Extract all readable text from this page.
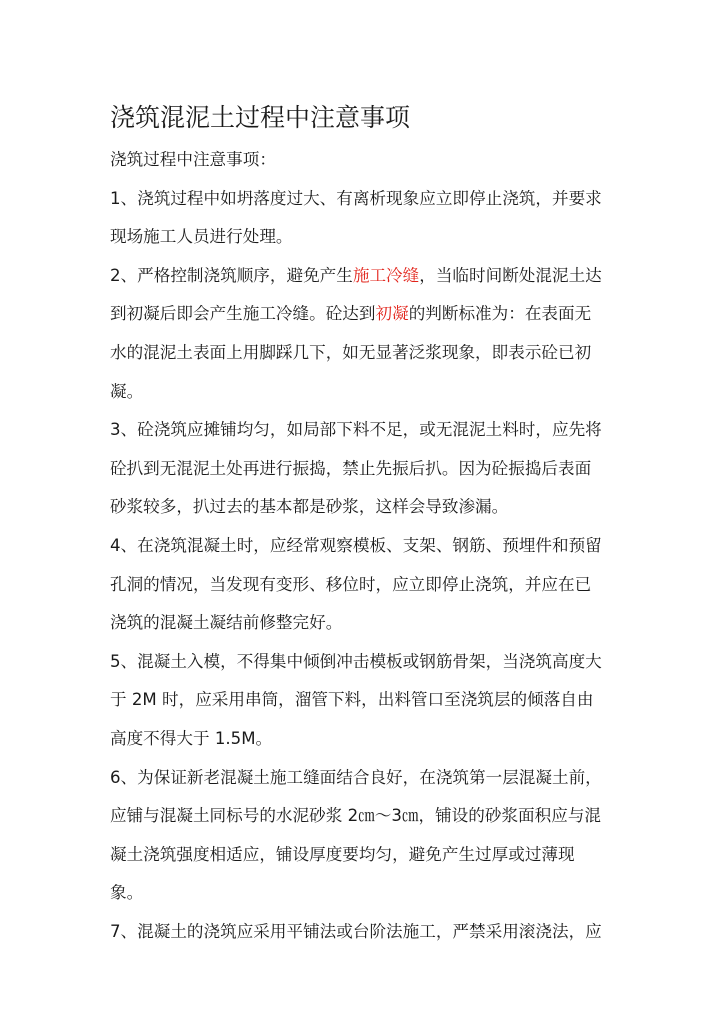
浇筑混泥土过程中注意事项

浇筑过程中注意事项：

1、浇筑过程中如坍落度过大、有离析现象应立即停止浇筑，并要求

现场施工人员进行处理。

2、严格控制浇筑顺序，避免产生施工冷缝，当临时间断处混泥土达

到初凝后即会产生施工冷缝。砼达到初凝的判断标准为：在表面无

水的混泥土表面上用脚踩几下，如无显著泛浆现象，即表示砼已初

凝。

3、砼浇筑应摊铺均匀，如局部下料不足，或无混泥土料时，应先将

砼扒到无混泥土处再进行振捣，禁止先振后扒。因为砼振捣后表面

砂浆较多，扒过去的基本都是砂浆，这样会导致渗漏。

4、在浇筑混凝土时，应经常观察模板、支架、钢筋、预埋件和预留

孔洞的情况，当发现有变形、移位时，应立即停止浇筑，并应在已

浇筑的混凝土凝结前修整完好。

5、混凝土入模，不得集中倾倒冲击模板或钢筋骨架，当浇筑高度大

于 2M 时，应采用串筒，溜管下料，出料管口至浇筑层的倾落自由

高度不得大于 1.5M。

6、为保证新老混凝土施工缝面结合良好，在浇筑第一层混凝土前，

应铺与混凝土同标号的水泥砂浆 2㎝～3㎝，铺设的砂浆面积应与混

凝土浇筑强度相适应，铺设厚度要均匀，避免产生过厚或过薄现

象。

7、混凝土的浇筑应采用平铺法或台阶法施工，严禁采用滚浇法，应
